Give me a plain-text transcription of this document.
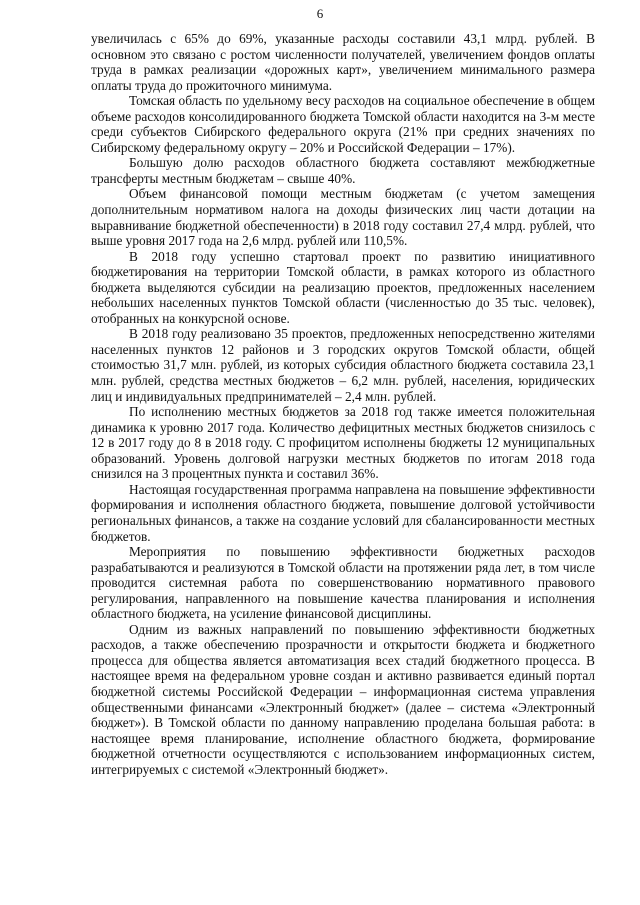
6

увеличилась с 65% до 69%, указанные расходы составили 43,1 млрд. рублей. В основном это связано с ростом численности получателей, увеличением фондов оплаты труда в рамках реализации «дорожных карт», увеличением минимального размера оплаты труда до прожиточного минимума.

Томская область по удельному весу расходов на социальное обеспечение в общем объеме расходов консолидированного бюджета Томской области находится на 3-м месте среди субъектов Сибирского федерального округа (21% при средних значениях по Сибирскому федеральному округу – 20% и Российской Федерации – 17%).

Большую долю расходов областного бюджета составляют межбюджетные трансферты местным бюджетам – свыше 40%.

Объем финансовой помощи местным бюджетам (с учетом замещения дополнительным нормативом налога на доходы физических лиц части дотации на выравнивание бюджетной обеспеченности) в 2018 году составил 27,4 млрд. рублей, что выше уровня 2017 года на 2,6 млрд. рублей или 110,5%.

В 2018 году успешно стартовал проект по развитию инициативного бюджетирования на территории Томской области, в рамках которого из областного бюджета выделяются субсидии на реализацию проектов, предложенных населением небольших населенных пунктов Томской области (численностью до 35 тыс. человек), отобранных на конкурсной основе.

В 2018 году реализовано 35 проектов, предложенных непосредственно жителями населенных пунктов 12 районов и 3 городских округов Томской области, общей стоимостью 31,7 млн. рублей, из которых субсидия областного бюджета составила 23,1 млн. рублей, средства местных бюджетов – 6,2 млн. рублей, населения, юридических лиц и индивидуальных предпринимателей – 2,4 млн. рублей.

По исполнению местных бюджетов за 2018 год также имеется положительная динамика к уровню 2017 года. Количество дефицитных местных бюджетов снизилось с 12 в 2017 году до 8 в 2018 году. С профицитом исполнены бюджеты 12 муниципальных образований. Уровень долговой нагрузки местных бюджетов по итогам 2018 года снизился на 3 процентных пункта и составил 36%.

Настоящая государственная программа направлена на повышение эффективности формирования и исполнения областного бюджета, повышение долговой устойчивости региональных финансов, а также на создание условий для сбалансированности местных бюджетов.

Мероприятия по повышению эффективности бюджетных расходов разрабатываются и реализуются в Томской области на протяжении ряда лет, в том числе проводится системная работа по совершенствованию нормативного правового регулирования, направленного на повышение качества планирования и исполнения областного бюджета, на усиление финансовой дисциплины.

Одним из важных направлений по повышению эффективности бюджетных расходов, а также обеспечению прозрачности и открытости бюджета и бюджетного процесса для общества является автоматизация всех стадий бюджетного процесса. В настоящее время на федеральном уровне создан и активно развивается единый портал бюджетной системы Российской Федерации – информационная система управления общественными финансами «Электронный бюджет» (далее – система «Электронный бюджет»). В Томской области по данному направлению проделана большая работа: в настоящее время планирование, исполнение областного бюджета, формирование бюджетной отчетности осуществляются с использованием информационных систем, интегрируемых с системой «Электронный бюджет».
